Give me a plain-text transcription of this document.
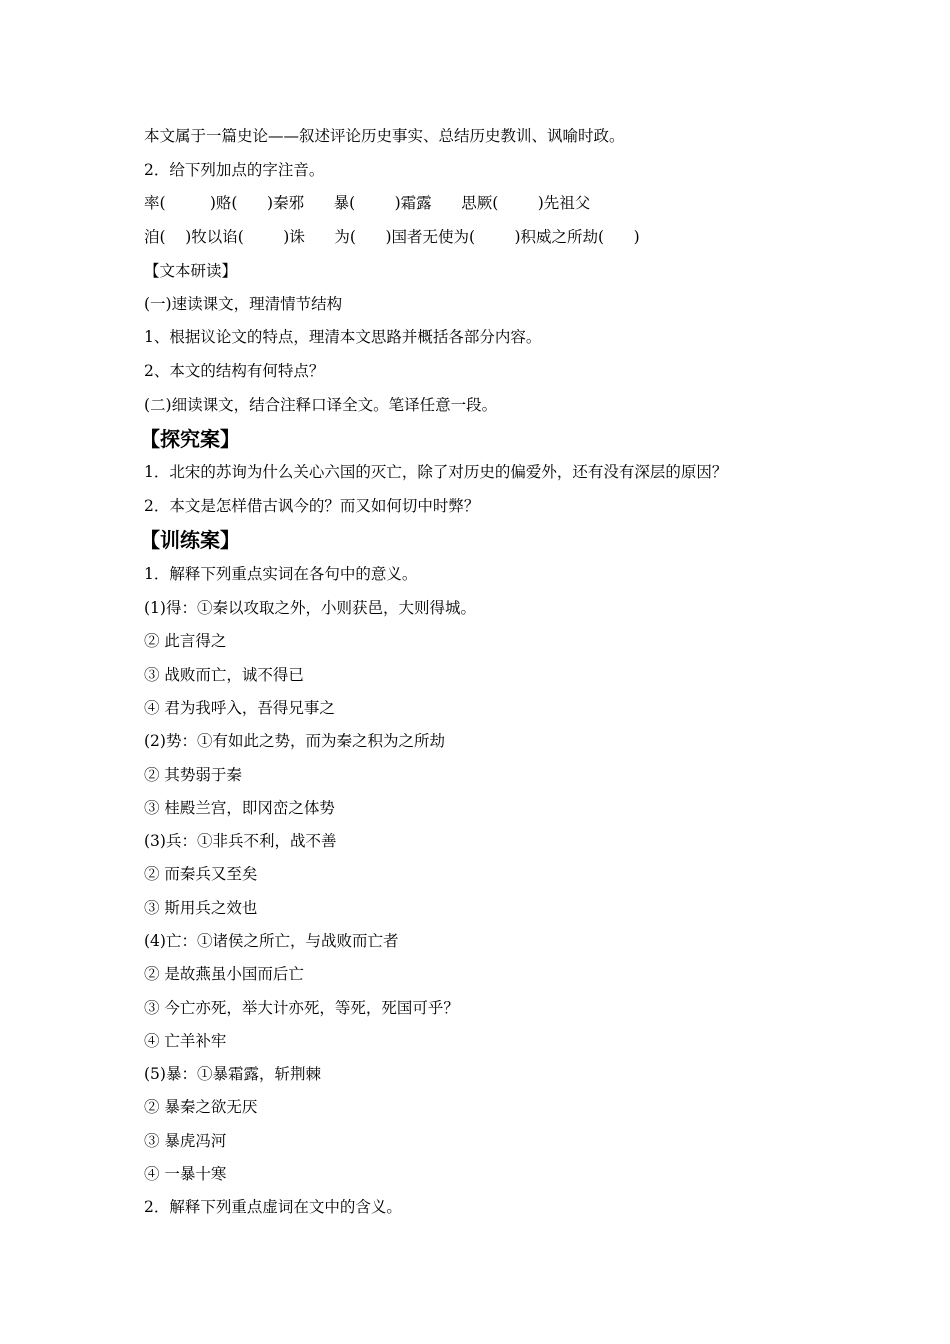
本文属于一篇史论——叙述评论历史事实、总结历史教训、讽喻时政。
2．给下列加点的字注音。
率(         )赂(      )秦邪      暴(        )霜露      思厥(        )先祖父
洎(    )牧以谄(        )诛      为(      )国者无使为(        )积威之所劫(      )
【文本研读】
(一)速读课文，理清情节结构
1、根据议论文的特点，理清本文思路并概括各部分内容。
2、本文的结构有何特点？
(二)细读课文，结合注释口译全文。笔译任意一段。
【探究案】
1．北宋的苏询为什么关心六国的灭亡，除了对历史的偏爱外，还有没有深层的原因？
2．本文是怎样借古讽今的？而又如何切中时弊？
【训练案】
1．解释下列重点实词在各句中的意义。
(1)得：①秦以攻取之外，小则获邑，大则得城。
② 此言得之
③ 战败而亡，诚不得已
④ 君为我呼入，吾得兄事之
(2)势：①有如此之势，而为秦之积为之所劫
② 其势弱于秦
③ 桂殿兰宫，即冈峦之体势
(3)兵：①非兵不利，战不善
② 而秦兵又至矣
③ 斯用兵之效也
(4)亡：①诸侯之所亡，与战败而亡者
② 是故燕虽小国而后亡
③ 今亡亦死，举大计亦死，等死，死国可乎？
④ 亡羊补牢
(5)暴：①暴霜露，斩荆棘
② 暴秦之欲无厌
③ 暴虎冯河
④ 一暴十寒
2．解释下列重点虚词在文中的含义。
